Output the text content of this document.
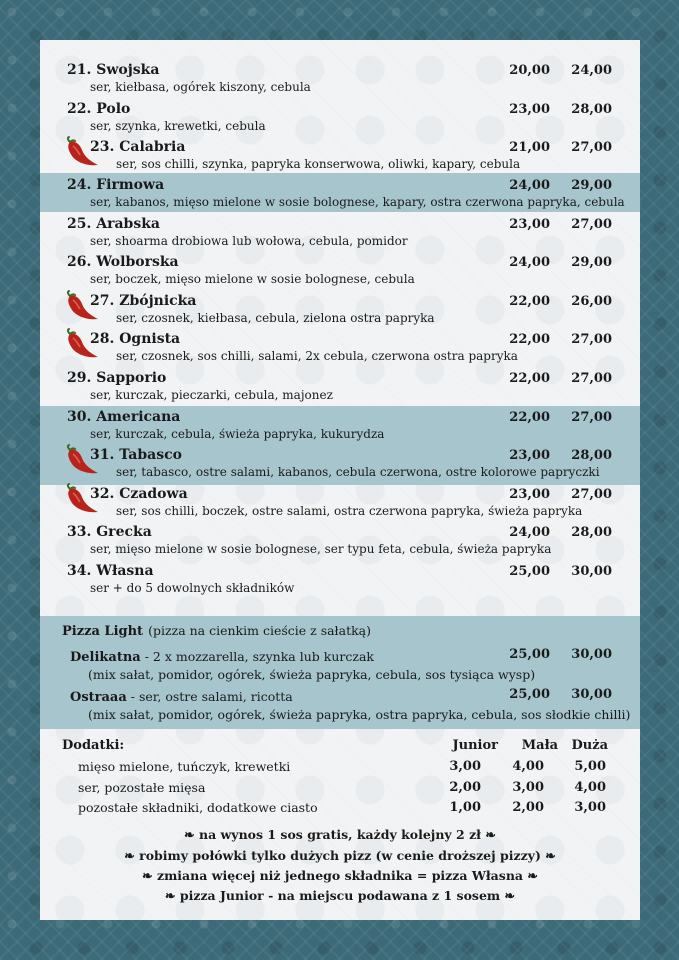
21. Swojska
ser, kiełbasa, ogórek kiszony, cebula
20,00	24,00
22. Polo
ser, szynka, krewetki, cebula
23,00	28,00
23. Calabria
ser, sos chilli, szynka, papryka konserwowa, oliwki, kapary, cebula
21,00	27,00
24. Firmowa
ser, kabanos, mięso mielone w sosie bolognese, kapary, ostra czerwona papryka, cebula
24,00	29,00
25. Arabska
ser, shoarma drobiowa lub wołowa, cebula, pomidor
23,00	27,00
26. Wolborska
ser, boczek, mięso mielone w sosie bolognese, cebula
24,00	29,00
27. Zbójnicka
ser, czosnek, kiełbasa, cebula, zielona ostra papryka
22,00	26,00
28. Ognista
ser, czosnek, sos chilli, salami, 2x cebula, czerwona ostra papryka
22,00	27,00
29. Sapporio
ser, kurczak, pieczarki, cebula, majonez
22,00	27,00
30. Americana
ser, kurczak, cebula, świeża papryka, kukurydza
22,00	27,00
31. Tabasco
ser, tabasco, ostre salami, kabanos, cebula czerwona, ostre kolorowe papryczki
23,00	28,00
32. Czadowa
ser, sos chilli, boczek, ostre salami, ostra czerwona papryka, świeża papryka
23,00	27,00
33. Grecka
ser, mięso mielone w sosie bolognese, ser typu feta, cebula, świeża papryka
24,00	28,00
34. Własna
ser + do 5 dowolnych składników
25,00	30,00
Pizza Light (pizza na cienkim cieście z sałatką)
Delikatna - 2 x mozzarella, szynka lub kurczak
(mix sałat, pomidor, ogórek, świeża papryka, cebula, sos tysiąca wysp)
25,00	30,00
Ostraaa - ser, ostre salami, ricotta
(mix sałat, pomidor, ogórek, świeża papryka, ostra papryka, cebula, sos słodkie chilli)
25,00	30,00
Dodatki:	Junior	Mała	Duża
mięso mielone, tuńczyk, krewetki	3,00	4,00	5,00
ser, pozostałe mięsa	2,00	3,00	4,00
pozostałe składniki, dodatkowe ciasto	1,00	2,00	3,00
❧ na wynos 1 sos gratis, każdy kolejny 2 zł ❧
❧ robimy połówki tylko dużych pizz (w cenie droższej pizzy) ❧
❧ zmiana więcej niż jednego składnika = pizza Własna ❧
❧ pizza Junior - na miejscu podawana z 1 sosem ❧
